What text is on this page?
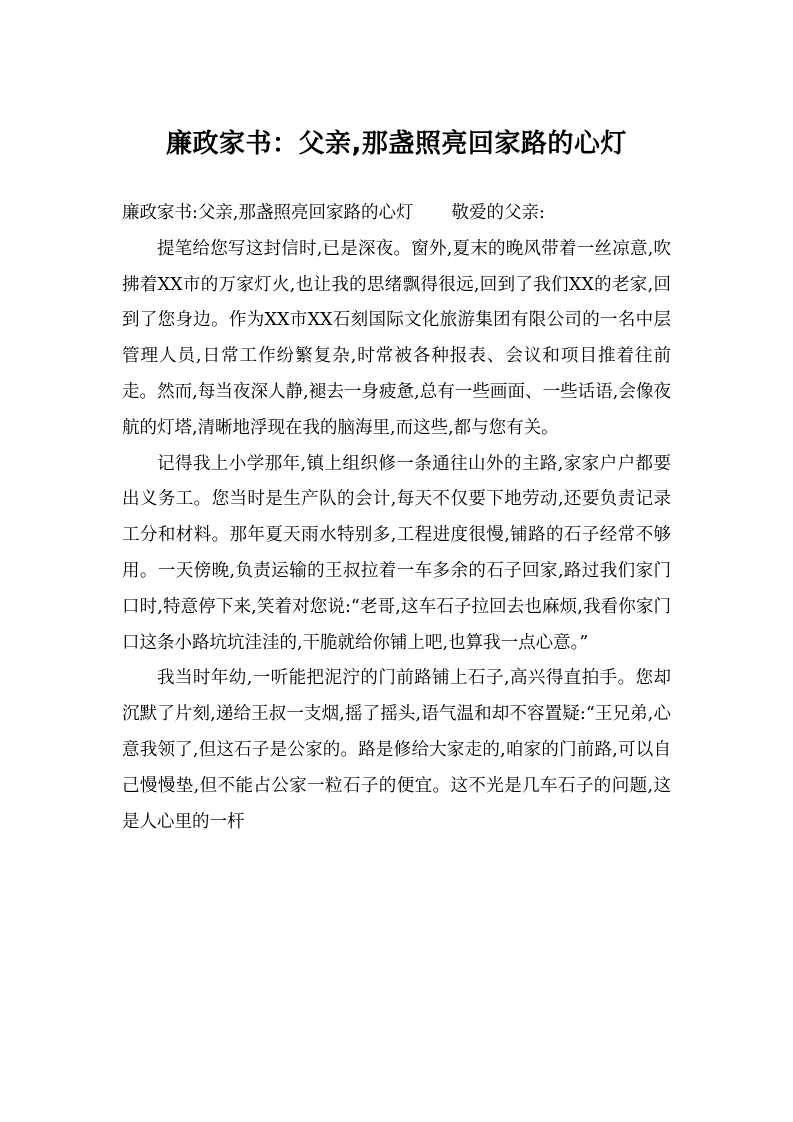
廉政家书：父亲,那盏照亮回家路的心灯

廉政家书:父亲,那盏照亮回家路的心灯 敬爱的父亲:

提笔给您写这封信时,已是深夜。窗外,夏末的晚风带着一丝凉意,吹拂着XX市的万家灯火,也让我的思绪飘得很远,回到了我们XX的老家,回到了您身边。作为XX市XX石刻国际文化旅游集团有限公司的一名中层管理人员,日常工作纷繁复杂,时常被各种报表、会议和项目推着往前走。然而,每当夜深人静,褪去一身疲惫,总有一些画面、一些话语,会像夜航的灯塔,清晰地浮现在我的脑海里,而这些,都与您有关。

记得我上小学那年,镇上组织修一条通往山外的主路,家家户户都要出义务工。您当时是生产队的会计,每天不仅要下地劳动,还要负责记录工分和材料。那年夏天雨水特别多,工程进度很慢,铺路的石子经常不够用。一天傍晚,负责运输的王叔拉着一车多余的石子回家,路过我们家门口时,特意停下来,笑着对您说:“老哥,这车石子拉回去也麻烦,我看你家门口这条小路坑坑洼洼的,干脆就给你铺上吧,也算我一点心意。”

我当时年幼,一听能把泥泞的门前路铺上石子,高兴得直拍手。您却沉默了片刻,递给王叔一支烟,摇了摇头,语气温和却不容置疑:“王兄弟,心意我领了,但这石子是公家的。路是修给大家走的,咱家的门前路,可以自己慢慢垫,但不能占公家一粒石子的便宜。这不光是几车石子的问题,这是人心里的一杆
